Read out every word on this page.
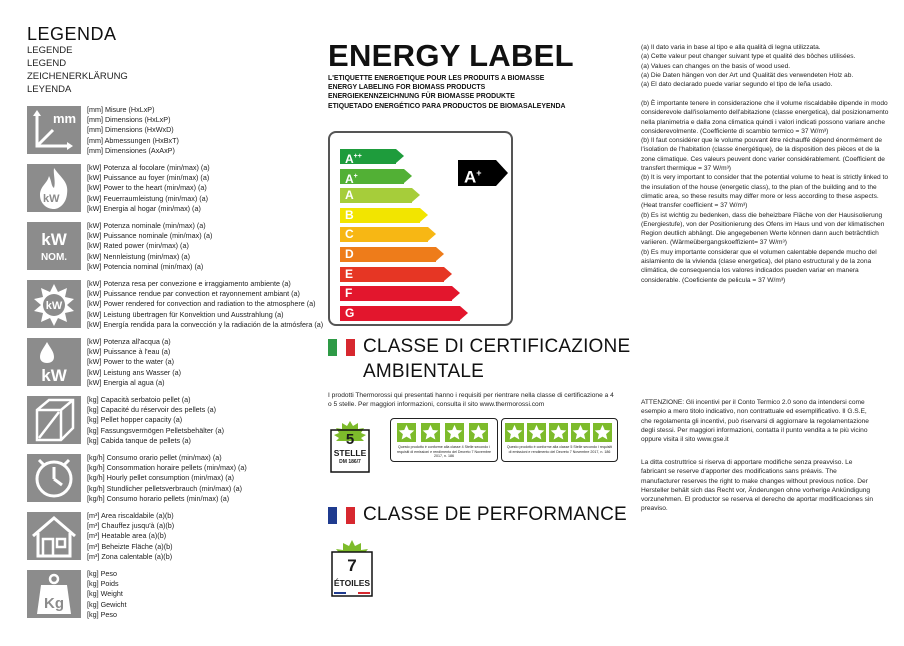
LEGENDA
LEGENDE
LEGEND
ZEICHENERKLÄRUNG
LEYENDA
mm
[mm] Misure (HxLxP)
[mm] Dimensions (HxLxP)
[mm] Dimensions (HxWxD)
[mm] Abmessungen (HxBxT)
[mm] Dimensiones (AxAxP)
kW
[kW] Potenza al focolare (min/max) (a)
[kW] Puissance au foyer (min/max) (a)
[kW] Power to the heart (min/max) (a)
[kW] Feuerraumleistung (min/max) (a)
[kW] Energia al hogar (min/max) (a)
kW
NOM.
[kW] Potenza nominale (min/max) (a)
[kW] Puissance nominale (min/max) (a)
[kW] Rated power (min/max) (a)
[kW] Nennleistung (min/max) (a)
[kW] Potencia nominal (min/max) (a)
kW
[kW] Potenza resa per convezione e irraggiamento ambiente (a)
[kW] Puissance rendue par convection et rayonnement ambiant (a)
[kW] Power rendered for convection and radiation to the atmosphere (a)
[kW] Leistung übertragen für Konvektion und Ausstrahlung (a)
[kW] Energía rendida para la convección y la radiación de la atmósfera (a)
kW
[kW] Potenza all'acqua (a)
[kW] Puissance à l'eau (a)
[kW] Power to the water (a)
[kW] Leistung ans Wasser (a)
[kW] Energia al agua (a)
[kg] Capacità serbatoio pellet (a)
[kg] Capacité du réservoir des pellets (a)
[kg] Pellet hopper capacity (a)
[kg] Fassungsvermögen Pelletsbehälter (a)
[kg] Cabida tanque de pellets (a)
[kg/h] Consumo orario pellet (min/max) (a)
[kg/h] Consommation horaire pellets (min/max) (a)
[kg/h] Hourly pellet consumption (min/max) (a)
[kg/h] Stundlicher pelletsverbrauch (min/max) (a)
[kg/h] Consumo horario pellets (min/max) (a)
[m³] Area riscaldabile (a)(b)
[m³] Chauffez jusqu'à (a)(b)
[m³] Heatable area (a)(b)
[m³] Beheizte Fläche (a)(b)
[m³] Zona calentable (a)(b)
Kg
[kg] Peso
[kg] Poids
[kg] Weight
[kg] Gewicht
[kg] Peso
ENERGY LABEL
L'ETIQUETTE ENERGETIQUE POUR LES PRODUITS A BIOMASSE
ENERGY LABELING FOR BIOMASS PRODUCTS
ENERGIEKENNZEICHNUNG FÜR BIOMASSE PRODUKTE
ETIQUETADO ENERGÉTICO PARA PRODUCTOS DE BIOMASALEYENDA
A++
A+
A
B
C
D
E
F
G
A+
CLASSE DI CERTIFICAZIONE
AMBIENTALE
I prodotti Thermorossi qui presentati hanno i requisiti per rientrare nella classe di certificazione a 4 o 5 stelle. Per maggiori informazioni, consulta il sito www.thermorossi.com
5
STELLE
DM 186/7
Questo prodotto è conforme alla classe 4 Stelle secondo i requisiti di emissioni e rendimento del Decreto 7 Novembre 2017, n. 186
Questo prodotto è conforme alla classe 5 Stelle secondo i requisiti di emissioni e rendimento del Decreto 7 Novembre 2017, n. 186
CLASSE DE PERFORMANCE
7
ÉTOILES
(a) Il dato varia in base al tipo e alla qualità di legna utilizzata.
(a) Cette valeur peut changer suivant type et qualité des bôches utilisées.
(a) Values can changes on the basis of wood used.
(a) Die Daten hängen von der Art und Qualität des verwendeten Holz ab.
(a) El dato declarado puede variar segundo el tipo de leña usado.
(b) È importante tenere in considerazione che il volume riscaldabile dipende in modo considerevole dall'isolamento dell'abitazione (classe energetica), dal posizionamento nella planimetria e dalla zona climatica quindi i valori indicati possono variare anche considerevolmente. (Coefficiente di scambio termico = 37 W/m³)
(b) Il faut considérer que le volume pouvant être réchauffé dépend énormément de l'isolation de l'habitation (classe énergétique), de la disposition des pièces et de la zone climatique. Ces valeurs peuvent donc varier considérablement. (Coefficient de transfert thermique = 37 W/m³)
(b) It is very important to consider that the potential volume to heat is strictly linked to the insulation of the house (energetic class), to the plan of the building and to the climatic area, so these results may differ more or less according to these aspects. (Heat transfer coefficient = 37 W/m³)
(b) Es ist wichtig zu bedenken, dass die beheizbare Fläche von der Hausisolierung (Energiestufe), von der Positionierung des Ofens im Haus und von der klimatischen Region deutlich abhängt. Die angegebenen Werte können dann auch beträchtlich variieren. (Wärmeübergangskoeffizient= 37 W/m³)
(b) Es muy importante considerar que el volumen calentable depende mucho del aislamiento de la vivienda (clase energetica), del plano estructural y de la zona climática, de consequencia los valores indicados pueden variar en manera considerable. (Coeficiente de pelicula = 37 W/m³)
ATTENZIONE: Gli incentivi per il Conto Termico 2.0 sono da intendersi come esempio a mero titolo indicativo, non contrattuale ed esemplificativo. Il G.S.E, che regolamenta gli incentivi, può riservarsi di aggiornare la regolamentazione degli stessi. Per maggiori informazioni, contatta il punto vendita a te più vicino oppure visita il sito www.gse.it
La ditta costruttrice si riserva di apportare modifiche senza preavviso. Le fabricant se reserve d'apporter des modifications sans préavis. The manufacturer reserves the right to make changes without previous notice. Der Hersteller behält sich das Recht vor, Änderungen ohne vorherige Ankündigung vorzunehmen. El productor se reserva el derecho de aportar modificaciones sin preaviso.
